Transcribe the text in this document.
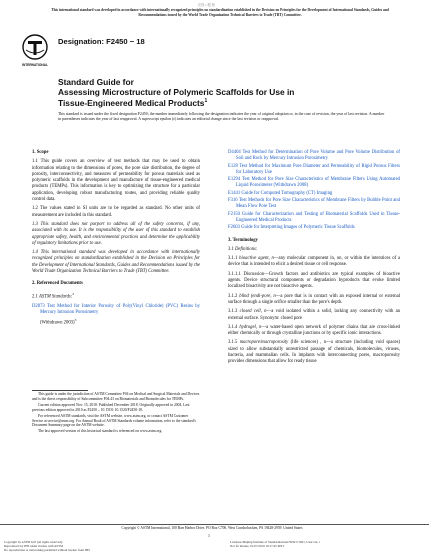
在线 1 题 相
This international standard was developed in accordance with internationally recognized principles on standardization established in the Decision on Principles for the Development of International Standards, Guides and Recommendations issued by the World Trade Organization Technical Barriers to Trade (TBT) Committee.
INTERNATIONAL
Designation: F2450 − 18
Standard Guide for
Assessing Microstructure of Polymeric Scaffolds for Use in
Tissue-Engineered Medical Products$^1$
This standard is issued under the fixed designation F2450; the number immediately following the designation indicates the year of original adoption or, in the case of revision, the year of last revision. A number in parentheses indicates the year of last reapproval. A superscript epsilon (ε) indicates an editorial change since the last revision or reapproval.
1. Scope

1.1 This guide covers an overview of test methods that may be used to obtain information relating to the dimensions of pores, the pore size distribution, the degree of porosity, interconnectivity, and measures of permeability for porous materials used as polymeric scaffolds in the development and manufacture of tissue-engineered medical products (TEMPs). This information is key to optimizing the structure for a particular application, developing robust manufacturing routes, and providing reliable quality control data.

1.2 The values stated in SI units are to be regarded as standard. No other units of measurement are included in this standard.

1.3 This standard does not purport to address all of the safety concerns, if any, associated with its use. It is the responsibility of the user of this standard to establish appropriate safety, health, and environmental practices and determine the applicability of regulatory limitations prior to use.

1.4 This international standard was developed in accordance with internationally recognized principles on standardization established in the Decision on Principles for the Development of International Standards, Guides and Recommendations issued by the World Trade Organization Technical Barriers to Trade (TBT) Committee.

2. Referenced Documents

2.1 ASTM Standards:$^2$

D2873 Test Method for Interior Porosity of Poly(Vinyl Chloride) (PVC) Resins by Mercury Intrusion Porosimetry
(Withdrawn 2003)$^3$

This guide is under the jurisdiction of ASTM Committee F04 on Medical and Surgical Materials and Devices and is the direct responsibility of Subcommittee F04.43 on Biomaterials and Biomolecules for TEMPs.

Current edition approved Nov. 15, 2018. Published December 2018. Originally approved in 2004. Last previous edition approved in 2010 as F2450 – 10. DOI: 10.1520/F2450-18.

For referenced ASTM standards, visit the ASTM website, www.astm.org, or contact ASTM Customer Service at service@astm.org. For Annual Book of ASTM Standards volume information, refer to the standard's Document Summary page on the ASTM website.

The last approved version of this historical standard is referenced on www.astm.org.

D4404 Test Method for Determination of Pore Volume and Pore Volume Distribution of Soil and Rock by Mercury Intrusion Porosimetry
E128 Test Method for Maximum Pore Diameter and Permeability of Rigid Porous Filters for Laboratory Use
E1294 Test Method for Pore Size Characteristics of Membrane Filters Using Automated Liquid Porosimeter (Withdrawn 2008)
E1441 Guide for Computed Tomography (CT) Imaging
F316 Test Methods for Pore Size Characteristics of Membrane Filters by Bubble Point and Mean Flow Pore Test
F2150 Guide for Characterization and Testing of Biomaterial Scaffolds Used in Tissue-Engineered Medical Products
F2603 Guide for Interpreting Images of Polymeric Tissue Scaffolds
3. Terminology

3.1 Definitions:

3.1.1 bioactive agent, n—any molecular component in, on, or within the interstices of a device that is intended to elicit a desired tissue or cell response.

3.1.1.1 Discussion—Growth factors and antibiotics are typical examples of bioactive agents. Device structural components or degradation byproducts that evoke limited localized bioactivity are not bioactive agents.

3.1.2 blind (endi-pore, n—a pore that is in contact with an exposed internal or external surface through a single orifice smaller than the pore's depth.

3.1.3 closed cell, n—a void isolated within a solid, lacking any connectivity with an external surface. Synonym: closed pore

3.1.4 hydrogel, n—a water-based open network of polymer chains that are cross-linked either chemically or through crystalline junctions or by specific ionic interactions.

3.1.5 macropore/macroporosity (life sciences) , n—a structure (including void spaces) sized to allow substantially unrestricted passage of chemicals, biomolecules, viruses, bacteria, and mammalian cells. In implants with interconnecting pores, macroporosity provides dimensions that allow for ready tissue

Copyright © ASTM International, 100 Barr Harbor Drive, PO Box C700, West Conshohocken, PA 19428-2959. United States
1
Copyright by ASTM Int'l (all rights reserved);
Reproduced by IHS under license with ASTM
No reproduction or networking permitted without license from IHS
Licensee=Beijing Institute of Standardization/5959171001, User=xx, r
Not for Resale, 01/07/2019 19:17:45 MST
